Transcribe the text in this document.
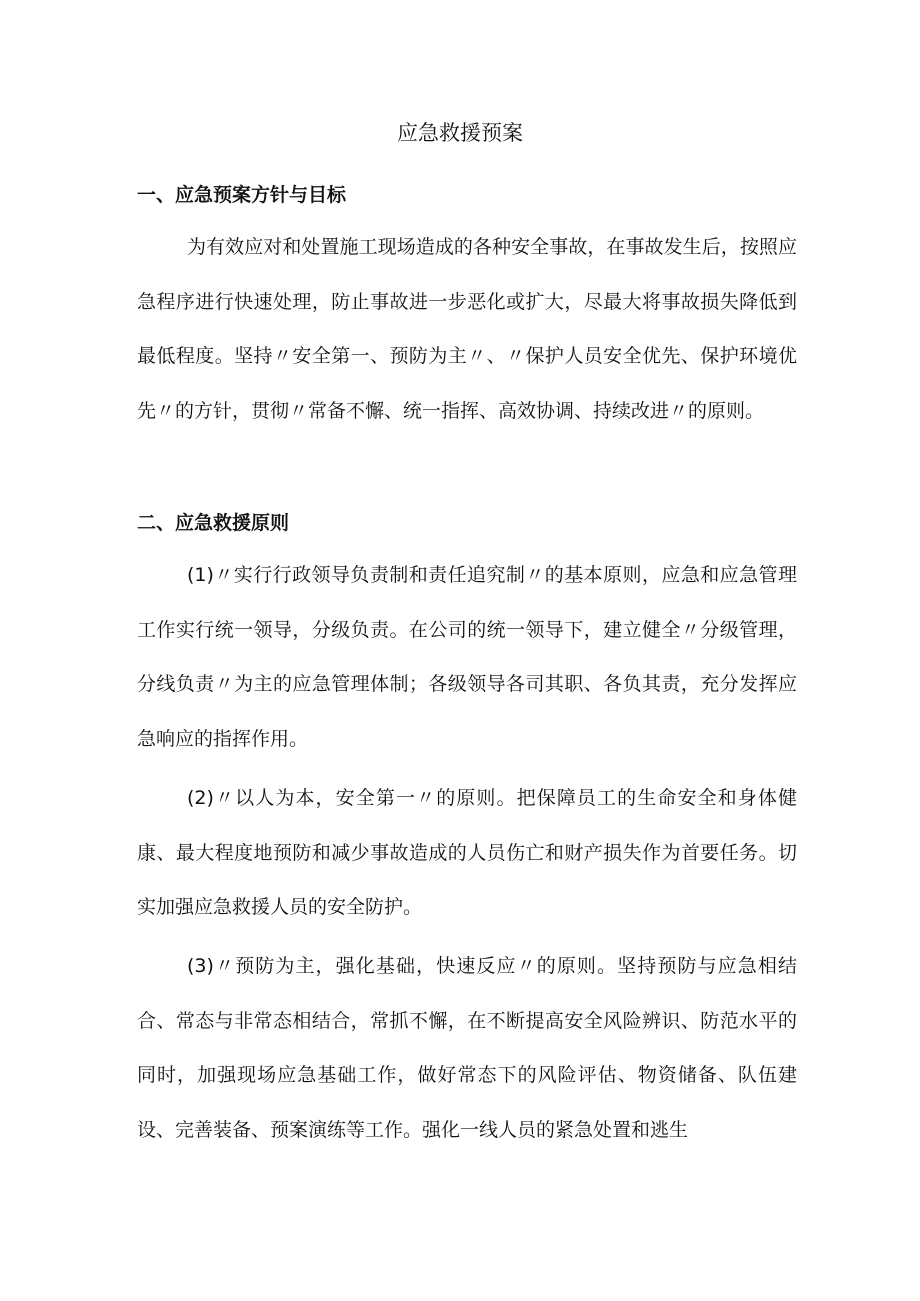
应急救援预案
一、应急预案方针与目标

为有效应对和处置施工现场造成的各种安全事故，在事故发生后，按照应急程序进行快速处理，防止事故进一步恶化或扩大，尽最大将事故损失降低到最低程度。坚持〃安全第一、预防为主〃、〃保护人员安全优先、保护环境优先〃的方针，贯彻〃常备不懈、统一指挥、高效协调、持续改进〃的原则。

二、应急救援原则

(1)〃实行行政领导负责制和责任追究制〃的基本原则，应急和应急管理工作实行统一领导，分级负责。在公司的统一领导下，建立健全〃分级管理，分线负责〃为主的应急管理体制；各级领导各司其职、各负其责，充分发挥应急响应的指挥作用。

(2)〃以人为本，安全第一〃的原则。把保障员工的生命安全和身体健康、最大程度地预防和减少事故造成的人员伤亡和财产损失作为首要任务。切实加强应急救援人员的安全防护。

(3)〃预防为主，强化基础，快速反应〃的原则。坚持预防与应急相结合、常态与非常态相结合，常抓不懈，在不断提高安全风险辨识、防范水平的同时，加强现场应急基础工作，做好常态下的风险评估、物资储备、队伍建设、完善装备、预案演练等工作。强化一线人员的紧急处置和逃生
